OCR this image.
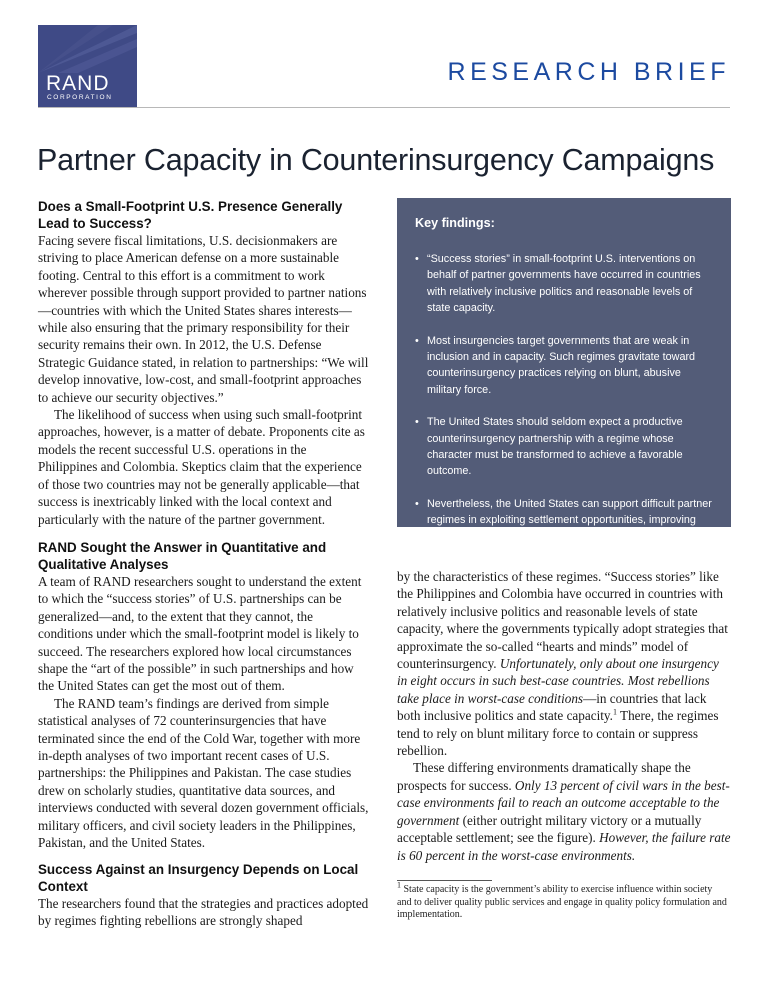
RAND
CORPORATION
RESEARCH BRIEF
Partner Capacity in Counterinsurgency Campaigns

Does a Small-Footprint U.S. Presence Generally Lead to Success?

Facing severe fiscal limitations, U.S. decisionmakers are striving to place American defense on a more sustainable footing. Central to this effort is a commitment to work wherever possible through support provided to partner nations—countries with which the United States shares interests—while also ensuring that the primary responsibility for their security remains their own. In 2012, the U.S. Defense Strategic Guidance stated, in relation to partnerships: “We will develop innovative, low-cost, and small-footprint approaches to achieve our security objectives.”

The likelihood of success when using such small-footprint approaches, however, is a matter of debate. Proponents cite as models the recent successful U.S. operations in the Philippines and Colombia. Skeptics claim that the experience of those two countries may not be generally applicable—that success is inextricably linked with the local context and particularly with the nature of the partner government.

RAND Sought the Answer in Quantitative and Qualitative Analyses

A team of RAND researchers sought to understand the extent to which the “success stories” of U.S. partnerships can be generalized—and, to the extent that they cannot, the conditions under which the small-footprint model is likely to succeed. The researchers explored how local circumstances shape the “art of the possible” in such partnerships and how the United States can get the most out of them.

The RAND team’s findings are derived from simple statistical analyses of 72 counterinsurgencies that have terminated since the end of the Cold War, together with more in-depth analyses of two important recent cases of U.S. partnerships: the Philippines and Pakistan. The case studies drew on scholarly studies, quantitative data sources, and interviews conducted with several dozen government officials, military officers, and civil society leaders in the Philippines, Pakistan, and the United States.

Success Against an Insurgency Depends on Local Context

The researchers found that the strategies and practices adopted by regimes fighting rebellions are strongly shaped

Key findings:

• “Success stories” in small-footprint U.S. interventions on behalf of partner governments have occurred in countries with relatively inclusive politics and reasonable levels of state capacity.
• Most insurgencies target governments that are weak in inclusion and in capacity. Such regimes gravitate toward counterinsurgency practices relying on blunt, abusive military force.
• The United States should seldom expect a productive counterinsurgency partnership with a regime whose character must be transformed to achieve a favorable outcome.
• Nevertheless, the United States can support difficult partner regimes in exploiting settlement opportunities, improving security force accountability, and buttressing more-inclusive successor governments.

by the characteristics of these regimes. “Success stories” like the Philippines and Colombia have occurred in countries with relatively inclusive politics and reasonable levels of state capacity, where the governments typically adopt strategies that approximate the so-called “hearts and minds” model of counterinsurgency. Unfortunately, only about one insurgency in eight occurs in such best-case countries. Most rebellions take place in worst-case conditions—in countries that lack both inclusive politics and state capacity.$^1$ There, the regimes tend to rely on blunt military force to contain or suppress rebellion.

These differing environments dramatically shape the prospects for success. Only 13 percent of civil wars in the best-case environments fail to reach an outcome acceptable to the government (either outright military victory or a mutually acceptable settlement; see the figure). However, the failure rate is 60 percent in the worst-case environments.

$^1$ State capacity is the government’s ability to exercise influence within society and to deliver quality public services and engage in quality policy formulation and implementation.
